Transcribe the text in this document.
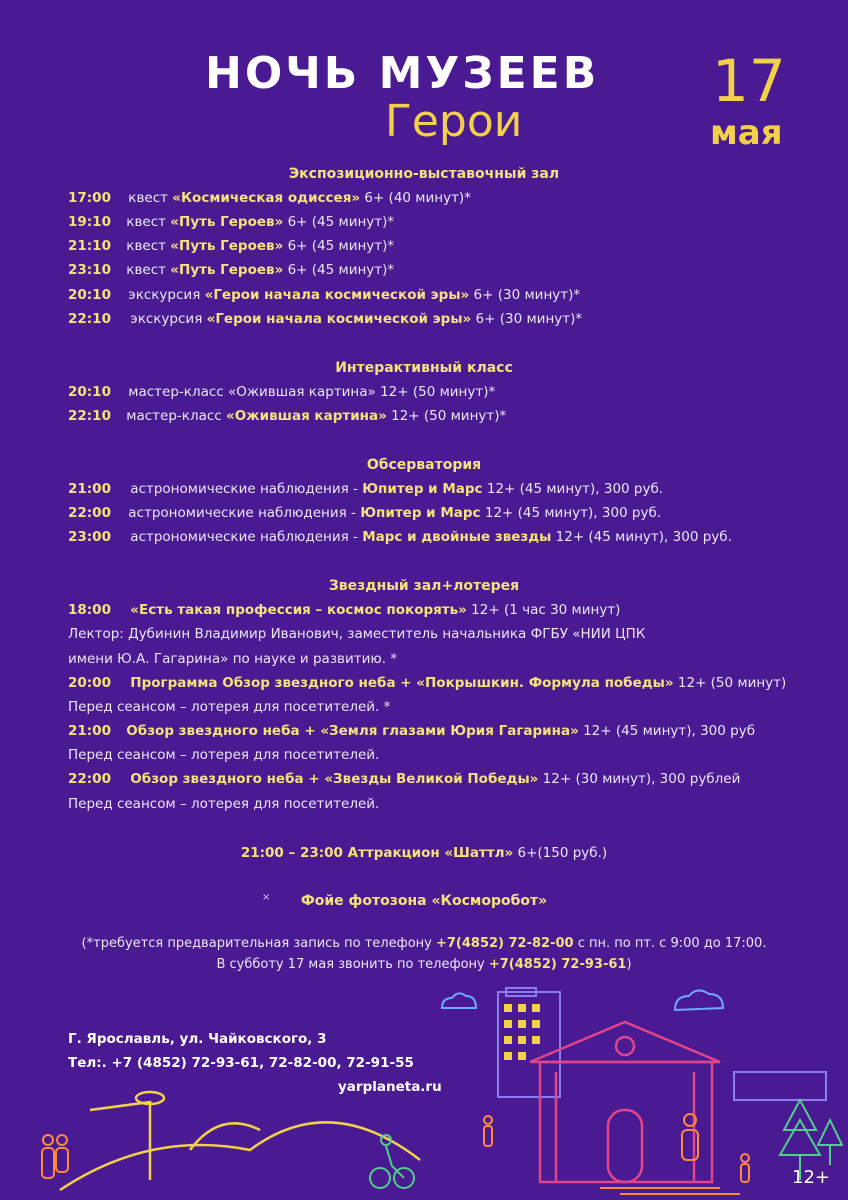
НОЧЬ МУЗЕЕВ
Герои
17
мая
Экспозиционно-выставочный зал
17:00 квест «Космическая одиссея» 6+ (40 минут)*
19:10 квест «Путь Героев» 6+ (45 минут)*
21:10 квест «Путь Героев» 6+ (45 минут)*
23:10 квест «Путь Героев» 6+ (45 минут)*
20:10 экскурсия «Герои начала космической эры» 6+ (30 минут)*
22:10 экскурсия «Герои начала космической эры» 6+ (30 минут)*
Интерактивный класс
20:10 мастер-класс «Ожившая картина» 12+ (50 минут)*
22:10 мастер-класс «Ожившая картина» 12+ (50 минут)*
Обсерватория
21:00 астрономические наблюдения - Юпитер и Марс 12+ (45 минут), 300 руб.
22:00 астрономические наблюдения - Юпитер и Марс 12+ (45 минут), 300 руб.
23:00 астрономические наблюдения - Марс и двойные звезды 12+ (45 минут), 300 руб.
Звездный зал+лотерея
18:00 «Есть такая профессия – космос покорять» 12+ (1 час 30 минут)
Лектор: Дубинин Владимир Иванович, заместитель начальника ФГБУ «НИИ ЦПК
имени Ю.А. Гагарина» по науке и развитию. *
20:00 Программа Обзор звездного неба + «Покрышкин. Формула победы» 12+ (50 минут)
Перед сеансом – лотерея для посетителей. *
21:00 Обзор звездного неба + «Земля глазами Юрия Гагарина» 12+ (45 минут), 300 руб
Перед сеансом – лотерея для посетителей.
22:00 Обзор звездного неба + «Звезды Великой Победы» 12+ (30 минут), 300 рублей
Перед сеансом – лотерея для посетителей.
21:00 – 23:00 Аттракцион «Шаттл» 6+(150 руб.)
Фойе фотозона «Косморобот»
(*требуется предварительная запись по телефону +7(4852) 72-82-00 с пн. по пт. с 9:00 до 17:00.
В субботу 17 мая звонить по телефону +7(4852) 72-93-61)
×
Г. Ярославль, ул. Чайковского, 3
Тел:. +7 (4852) 72-93-61, 72-82-00, 72-91-55
yarplaneta.ru
12+
